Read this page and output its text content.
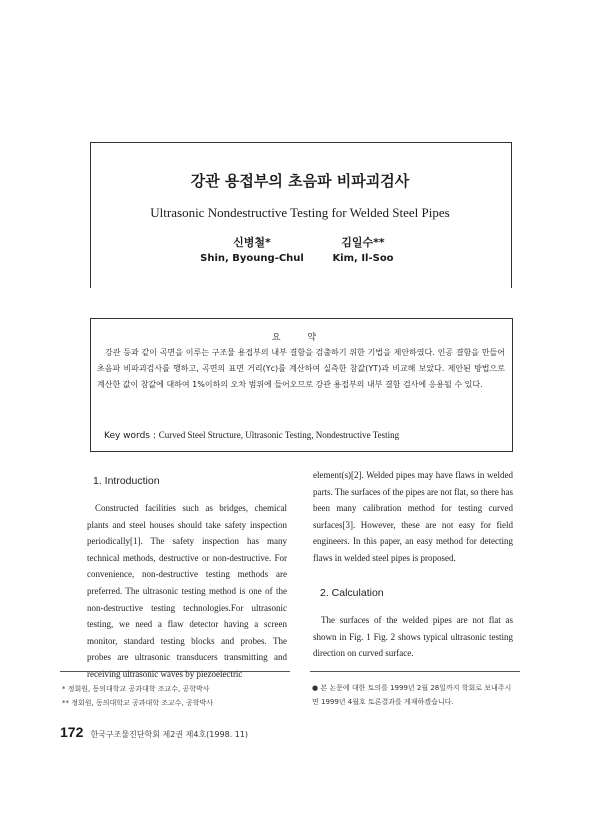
강관 용접부의 초음파 비파괴검사
Ultrasonic Nondestructive Testing for Welded Steel Pipes
신병철*
Shin, Byoung-Chul
김일수**
Kim, Il-Soo
요 약
강관 등과 같이 곡면을 이루는 구조물 용접부의 내부 결함을 검출하기 위한 기법을 제안하였다. 인공 결함을 만들어 초음파 비파괴검사를 행하고, 곡면의 표면 거리(Yc)를 계산하여 실측한 참값(YT)과 비교해 보았다. 제안된 방법으로 계산한 값이 참값에 대하여 1%이하의 오차 범위에 들어오므로 강관 용접부의 내부 결함 검사에 응용될 수 있다.
Key words : Curved Steel Structure, Ultrasonic Testing, Nondestructive Testing
1. Introduction
Constructed facilities such as bridges, chemical plants and steel houses should take safety inspection periodically[1]. The safety inspection has many technical methods, destructive or non-destructive. For convenience, non-destructive testing methods are preferred. The ultrasonic testing method is one of the non-destructive testing technologies.For ultrasonic testing, we need a flaw detector having a screen monitor, standard testing blocks and probes. The probes are ultrasonic transducers transmitting and receiving ultrasonic waves by piezoelectric
element(s)[2]. Welded pipes may have flaws in welded parts. The surfaces of the pipes are not flat, so there has been many calibration method for testing curved surfaces[3]. However, these are not easy for field engineers. In this paper, an easy method for detecting flaws in welded steel pipes is proposed.
2. Calculation
The surfaces of the welded pipes are not flat as shown in Fig. 1 Fig. 2 shows typical ultrasonic testing direction on curved surface.
* 정회원, 동의대학교 공과대학 조교수, 공학박사
** 정회원, 동의대학교 공과대학 조교수, 공학박사
● 본 논문에 대한 토의를 1999년 2월 28일까지 학회로 보내주시면 1999년 4월호 토론결과를 게재하겠습니다.
172 한국구조물진단학회 제2권 제4호(1998. 11)
